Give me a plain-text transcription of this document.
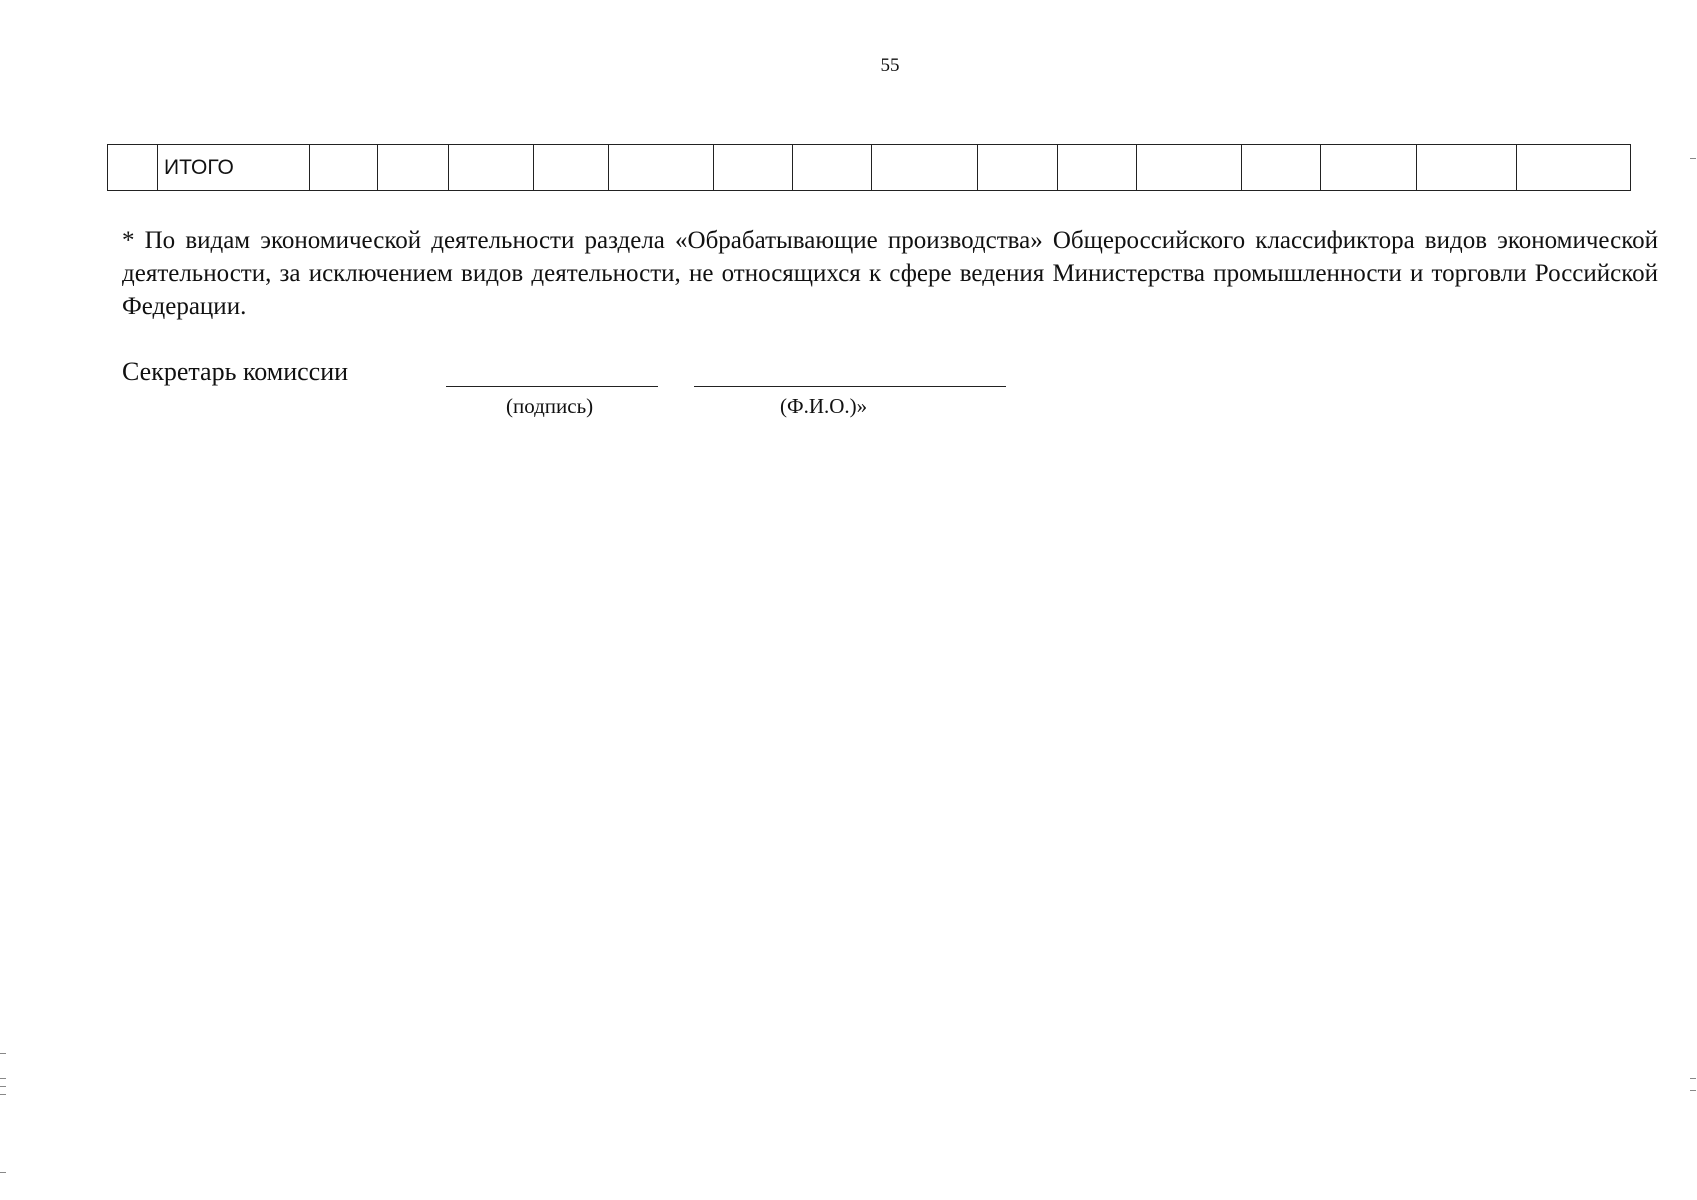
55
	ИТОГО															

* По видам экономической деятельности раздела «Обрабатывающие производства» Общероссийского классификтора видов экономической деятельности, за исключением видов деятельности, не относящихся к сфере ведения Министерства промышленности и торговли Российской Федерации.

Секретарь комиссии
(подпись)	(Ф.И.О.)»
